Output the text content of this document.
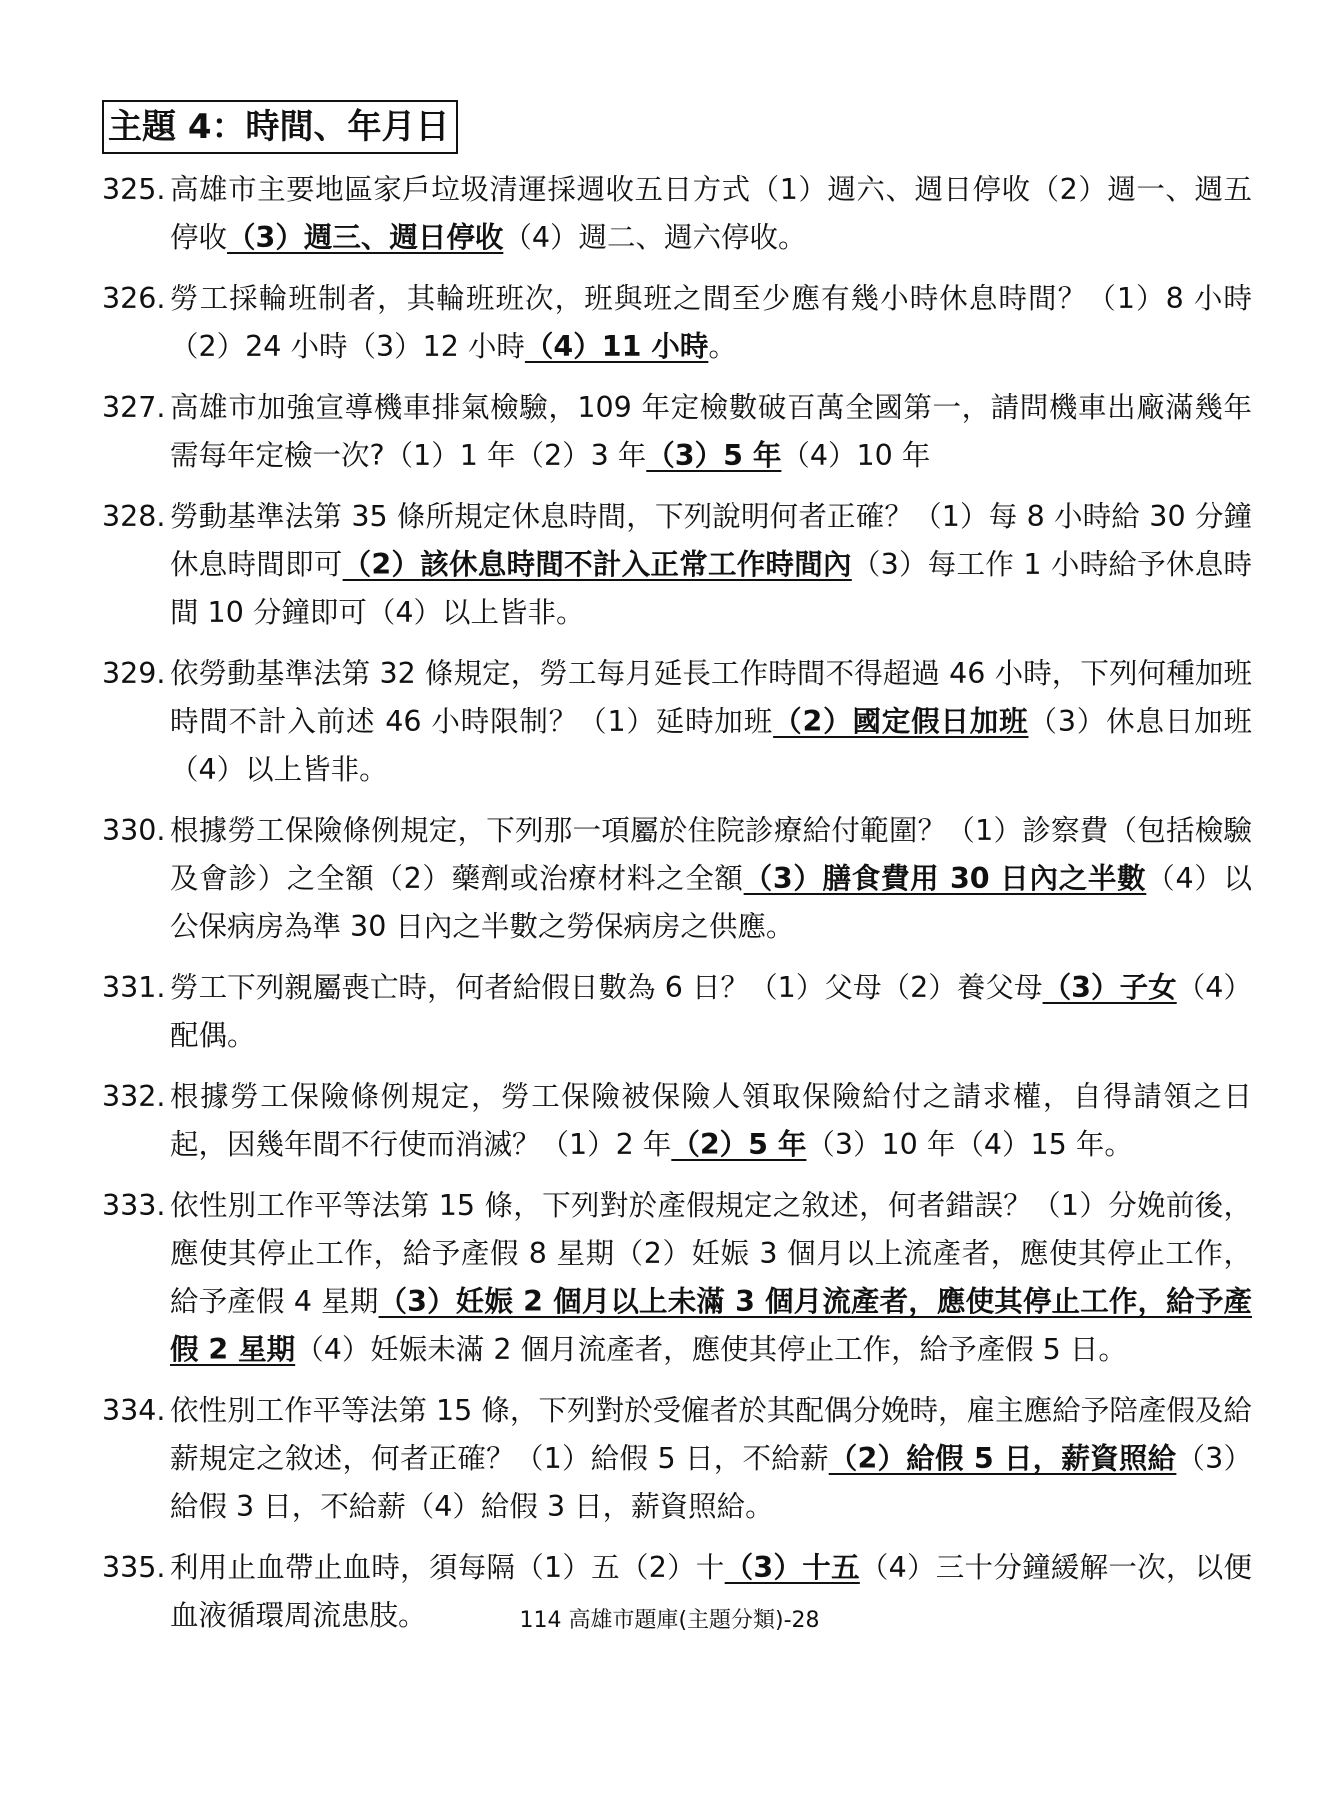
主題 4：時間、年月日
325. 高雄市主要地區家戶垃圾清運採週收五日方式（1）週六、週日停收（2）週一、週五停收（3）週三、週日停收（4）週二、週六停收。
326. 勞工採輪班制者，其輪班班次，班與班之間至少應有幾小時休息時間？（1）8 小時（2）24 小時（3）12 小時（4）11 小時。
327. 高雄市加強宣導機車排氣檢驗，109 年定檢數破百萬全國第一，請問機車出廠滿幾年需每年定檢一次?（1）1 年（2）3 年（3）5 年（4）10 年
328. 勞動基準法第 35 條所規定休息時間，下列說明何者正確？（1）每 8 小時給 30 分鐘休息時間即可（2）該休息時間不計入正常工作時間內（3）每工作 1 小時給予休息時間 10 分鐘即可（4）以上皆非。
329. 依勞動基準法第 32 條規定，勞工每月延長工作時間不得超過 46 小時，下列何種加班時間不計入前述 46 小時限制？（1）延時加班（2）國定假日加班（3）休息日加班（4）以上皆非。
330. 根據勞工保險條例規定，下列那一項屬於住院診療給付範圍？（1）診察費（包括檢驗及會診）之全額（2）藥劑或治療材料之全額（3）膳食費用 30 日內之半數（4）以公保病房為準 30 日內之半數之勞保病房之供應。
331. 勞工下列親屬喪亡時，何者給假日數為 6 日？（1）父母（2）養父母（3）子女（4）配偶。
332. 根據勞工保險條例規定，勞工保險被保險人領取保險給付之請求權，自得請領之日起，因幾年間不行使而消滅？（1）2 年（2）5 年（3）10 年（4）15 年。
333. 依性別工作平等法第 15 條，下列對於產假規定之敘述，何者錯誤？（1）分娩前後，應使其停止工作，給予產假 8 星期（2）妊娠 3 個月以上流產者，應使其停止工作，給予產假 4 星期（3）妊娠 2 個月以上未滿 3 個月流產者，應使其停止工作，給予產假 2 星期（4）妊娠未滿 2 個月流產者，應使其停止工作，給予產假 5 日。
334. 依性別工作平等法第 15 條，下列對於受僱者於其配偶分娩時，雇主應給予陪產假及給薪規定之敘述，何者正確？（1）給假 5 日，不給薪（2）給假 5 日，薪資照給（3）給假 3 日，不給薪（4）給假 3 日，薪資照給。
335. 利用止血帶止血時，須每隔（1）五（2）十（3）十五（4）三十分鐘緩解一次，以便血液循環周流患肢。	114 高雄市題庫(主題分類)-28
